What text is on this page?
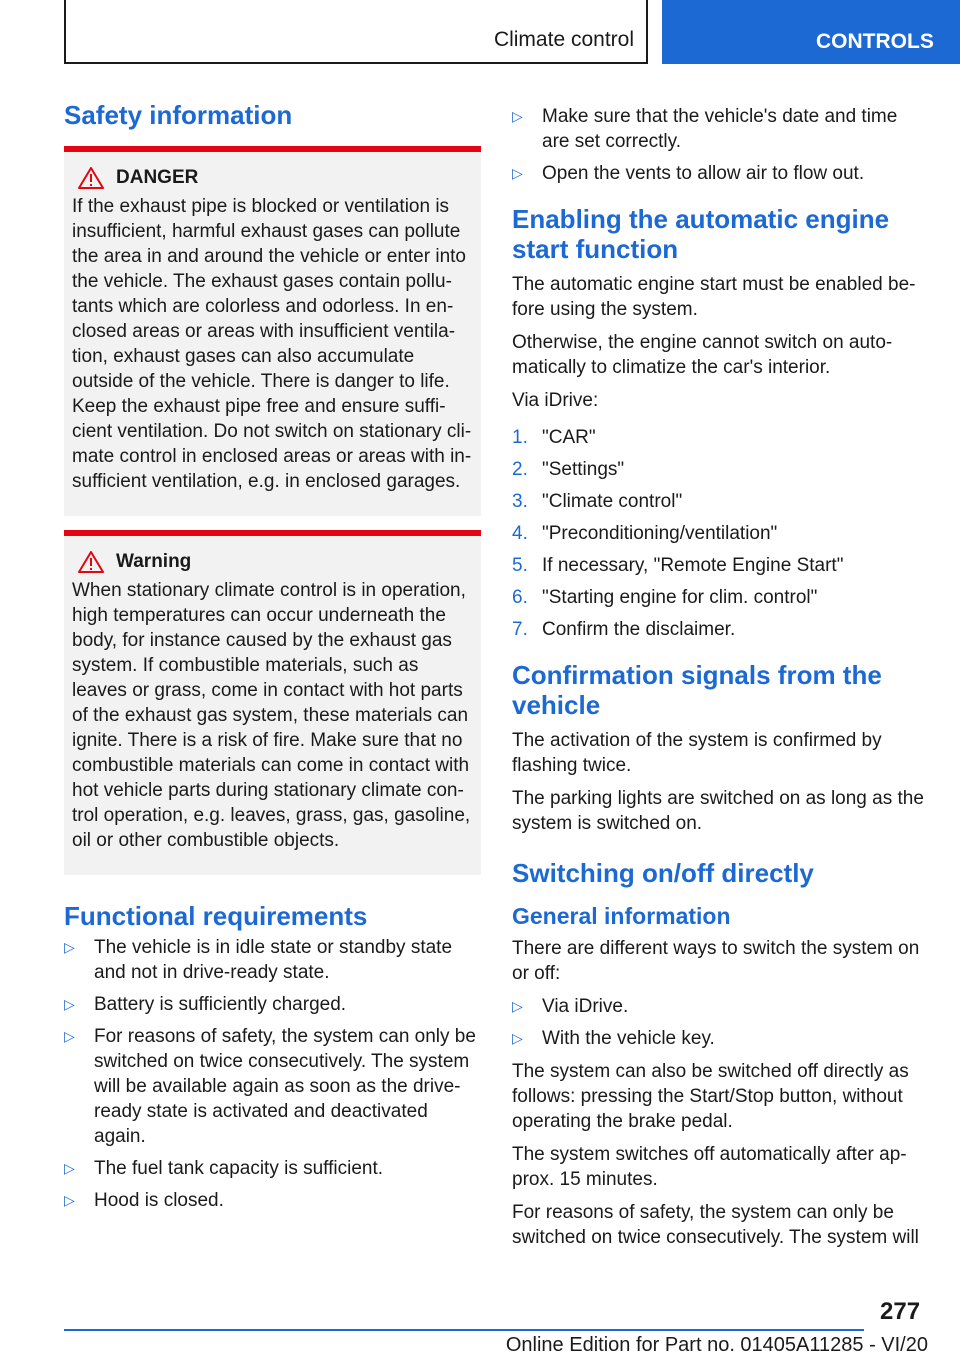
Climate control	CONTROLS
Safety information
DANGER

If the exhaust pipe is blocked or ventilation is insufficient, harmful exhaust gases can pollute the area in and around the vehicle or enter into the vehicle. The exhaust gases contain pollutants which are colorless and odorless. In enclosed areas or areas with insufficient ventilation, exhaust gases can also accumulate outside of the vehicle. There is danger to life. Keep the exhaust pipe free and ensure sufficient ventilation. Do not switch on stationary climate control in enclosed areas or areas with insufficient ventilation, e.g. in enclosed garages.

Warning

When stationary climate control is in operation, high temperatures can occur underneath the body, for instance caused by the exhaust gas system. If combustible materials, such as leaves or grass, come in contact with hot parts of the exhaust gas system, these materials can ignite. There is a risk of fire. Make sure that no combustible materials can come in contact with hot vehicle parts during stationary climate control operation, e.g. leaves, grass, gas, gasoline, oil or other combustible objects.

Functional requirements
▷	The vehicle is in idle state or standby state and not in drive-ready state.
▷	Battery is sufficiently charged.
▷	For reasons of safety, the system can only be switched on twice consecutively. The system will be available again as soon as the drive-ready state is activated and deactivated again.
▷	The fuel tank capacity is sufficient.
▷	Hood is closed.
▷	Make sure that the vehicle's date and time are set correctly.
▷	Open the vents to allow air to flow out.
Enabling the automatic engine start function

The automatic engine start must be enabled before using the system.

Otherwise, the engine cannot switch on automatically to climatize the car's interior.

Via iDrive:

1. "CAR"
2. "Settings"
3. "Climate control"
4. "Preconditioning/ventilation"
5. If necessary, "Remote Engine Start"
6. "Starting engine for clim. control"
7. Confirm the disclaimer.
Confirmation signals from the vehicle

The activation of the system is confirmed by flashing twice.

The parking lights are switched on as long as the system is switched on.

Switching on/off directly
General information

There are different ways to switch the system on or off:

▷	Via iDrive.
▷	With the vehicle key.

The system can also be switched off directly as follows: pressing the Start/Stop button, without operating the brake pedal.

The system switches off automatically after approx. 15 minutes.

For reasons of safety, the system can only be switched on twice consecutively. The system will

277
Online Edition for Part no. 01405A11285 - VI/20
